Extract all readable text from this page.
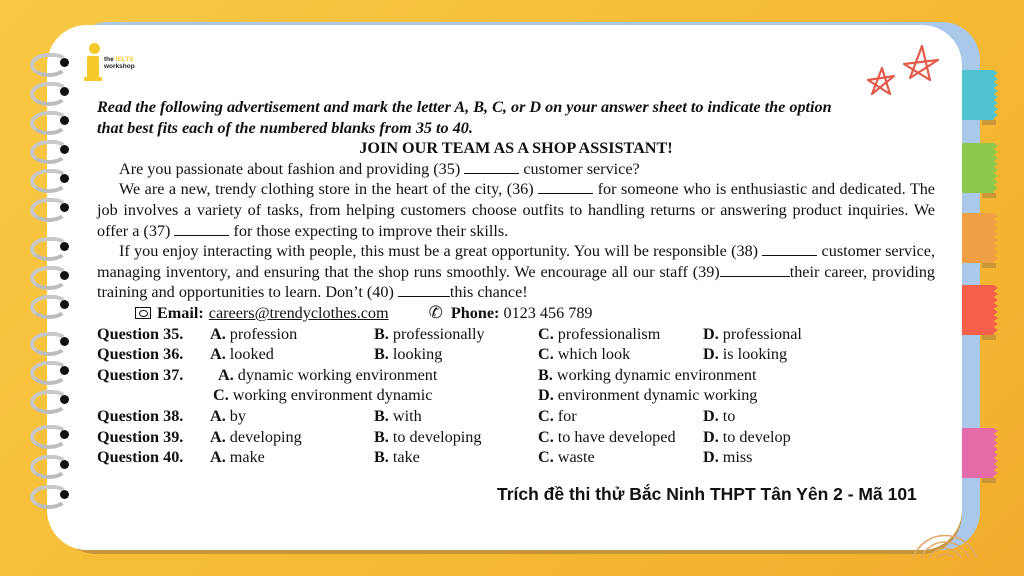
the IELTS
workshop
Read the following advertisement and mark the letter A, B, C, or D on your answer sheet to indicate the option
that best fits each of the numbered blanks from 35 to 40.
JOIN OUR TEAM AS A SHOP ASSISTANT!
Are you passionate about fashion and providing (35)	customer service?
We are a new, trendy clothing store in the heart of the city, (36)	for someone who is enthusiastic and dedicated. The job involves a variety of tasks, from helping customers choose outfits to handling returns or answering product inquiries. We offer a (37)	for those expecting to improve their skills.
If you enjoy interacting with people, this must be a great opportunity. You will be responsible (38)	customer service, managing inventory, and ensuring that the shop runs smoothly. We encourage all our staff (39)	their career, providing training and opportunities to learn. Don’t (40)	this chance!
Email: careers@trendyclothes.com ✆ Phone: 0123 456 789
Question 35. A. profession	B. professionally	C. professionalism	D. professional
Question 36. A. looked	B. looking	C. which look	D. is looking
Question 37. A. dynamic working environment	B. working dynamic environment
C. working environment dynamic	D. environment dynamic working
Question 38. A. by	B. with	C. for	D. to
Question 39. A. developing	B. to developing	C. to have developed D. to develop
Question 40. A. make	B. take	C. waste	D. miss
Trích đề thi thử Bắc Ninh THPT Tân Yên 2 - Mã 101
